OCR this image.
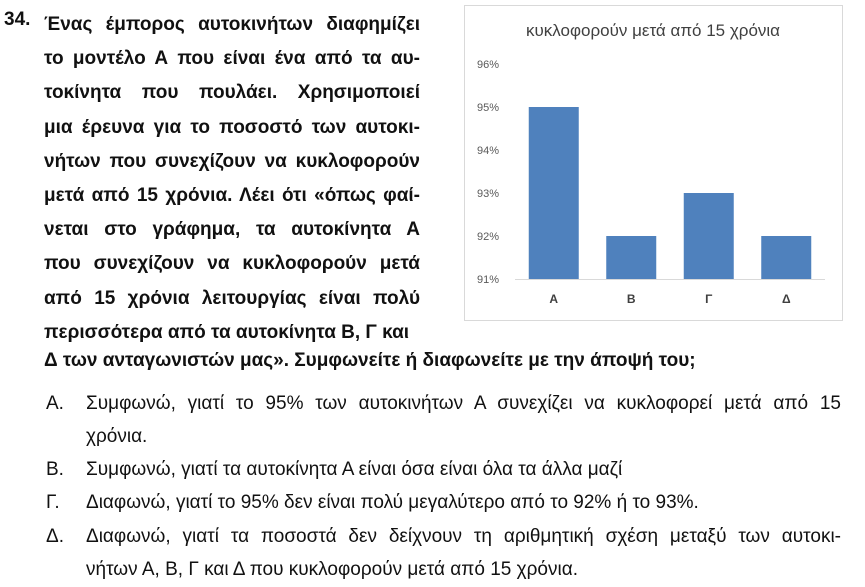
34. Ένας έμπορος αυτοκινήτων διαφημίζει
το μοντέλο Α που είναι ένα από τα αυ-
τοκίνητα που πουλάει. Χρησιμοποιεί
μια έρευνα για το ποσοστό των αυτοκι-
νήτων που συνεχίζουν να κυκλοφορούν
μετά από 15 χρόνια. Λέει ότι «όπως φαί-
νεται στο γράφημα, τα αυτοκίνητα Α
που συνεχίζουν να κυκλοφορούν μετά
από 15 χρόνια λειτουργίας είναι πολύ
περισσότερα από τα αυτοκίνητα Β, Γ και
Δ των ανταγωνιστών μας». Συμφωνείτε ή διαφωνείτε με την άποψή του;
κυκλοφορούν μετά από 15 χρόνια
91%
92%
93%
94%
95%
96%
Α	Β	Γ	Δ
Α. Συμφωνώ, γιατί το 95% των αυτοκινήτων Α συνεχίζει να κυκλοφορεί μετά από 15
χρόνια.
Β. Συμφωνώ, γιατί τα αυτοκίνητα Α είναι όσα είναι όλα τα άλλα μαζί
Γ. Διαφωνώ, γιατί το 95% δεν είναι πολύ μεγαλύτερο από το 92% ή το 93%.
Δ. Διαφωνώ, γιατί τα ποσοστά δεν δείχνουν τη αριθμητική σχέση μεταξύ των αυτοκι-
νήτων Α, Β, Γ και Δ που κυκλοφορούν μετά από 15 χρόνια.
